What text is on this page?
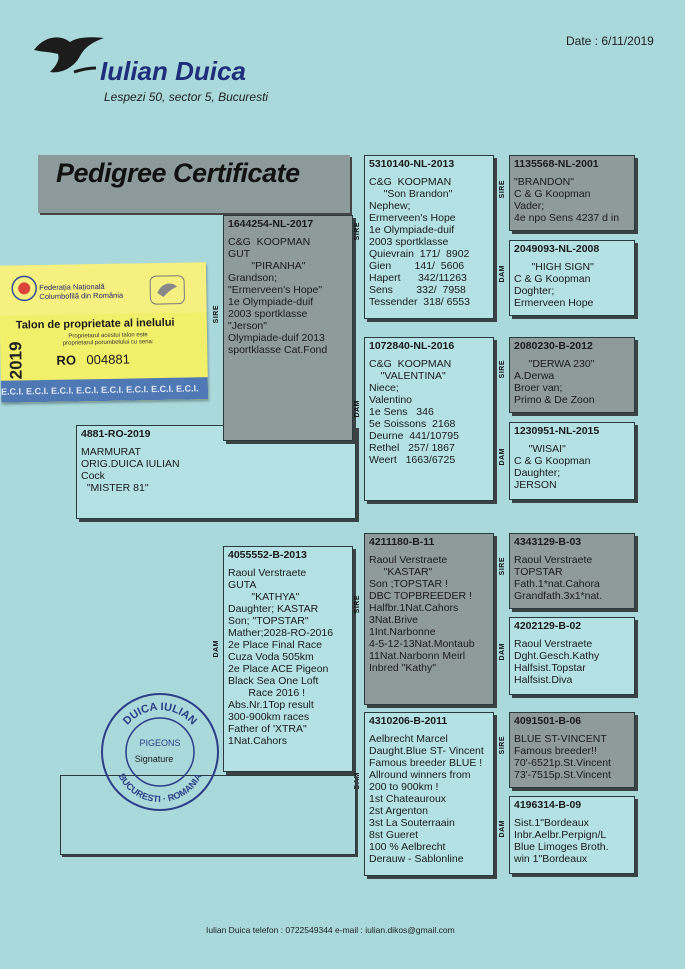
Iulian Duica
Lespezi 50, sector 5, Bucuresti
Date : 6/11/2019
Pedigree Certificate
4881-RO-2019
MARMURAT
ORIG.DUICA IULIAN
Cock
"MISTER 81"
1644254-NL-2017
C&G  KOOPMAN
GUT
"PIRANHA"
Grandson;
"Ermerveen's Hope"
1e Olympiade-duif
2003 sportklasse
"Jerson"
Olympiade-duif 2013
sportklasse Cat.Fond
SIRE
4055552-B-2013
Raoul Verstraete
GUTA
"KATHYA"
Daughter; KASTAR
Son; "TOPSTAR"
Mather;2028-RO-2016
2e Place Final Race
Cuza Voda 505km
2e Place ACE Pigeon
Black Sea One Loft
Race 2016 !
Abs.Nr.1Top result
300-900km races
Father of 'XTRA"
1Nat.Cahors
DAM
5310140-NL-2013
C&G  KOOPMAN
"Son Brandon"
Nephew;
Ermerveen's Hope
1e Olympiade-duif
2003 sportklasse
Quievrain  171/  8902
Gien        141/  5606
Hapert      342/11263
Sens        332/  7958
Tessender  318/ 6553
SIRE
1072840-NL-2016
C&G  KOOPMAN
"VALENTINA"
Niece;
Valentino
1e Sens   346
5e Soissons  2168
Deurne  441/10795
Rethel   257/ 1867
Weert   1663/6725
DAM
4211180-B-11
Raoul Verstraete
"KASTAR"
Son ;TOPSTAR !
DBC TOPBREEDER !
Halfbr.1Nat.Cahors
3Nat.Brive
1Int.Narbonne
4-5-12-13Nat.Montaub
11Nat.Narbonn Meirl
Inbred "Kathy"
SIRE
4310206-B-2011
Aelbrecht Marcel
Daught.Blue ST- Vincent
Famous breeder BLUE !
Allround winners from
200 to 900km !
1st Chateauroux
2st Argenton
3st La Souterraain
8st Gueret
100 % Aelbrecht
Derauw - Sablonline
DAM
1135568-NL-2001
"BRANDON"
C & G Koopman
Vader;
4e npo Sens 4237 d in
SIRE
2049093-NL-2008
"HIGH SIGN"
C & G Koopman
Doghter;
Ermerveen Hope
DAM
2080230-B-2012
"DERWA 230"
A.Derwa
Broer van;
Primo & De Zoon
SIRE
1230951-NL-2015
"WISAI"
C & G Koopman
Daughter;
JERSON
DAM
4343129-B-03
Raoul Verstraete
TOPSTAR
Fath.1*nat.Cahora
Grandfath.3x1*nat.
SIRE
4202129-B-02
Raoul Verstraete
Dght.Gesch.Kathy
Halfsist.Topstar
Halfsist.Diva
DAM
4091501-B-06
BLUE ST-VINCENT
Famous breeder!!
70'-6521p.St.Vincent
73'-7515p.St.Vincent
SIRE
4196314-B-09
Sist.1"Bordeaux
Inbr.Aelbr.Perpign/L
Blue Limoges Broth.
win 1"Bordeaux
DAM
Federația Națională
Columbofilă din România
Talon de proprietate al inelului
Proprietarul acestui talon este
proprietarul porumbelului cu seria:
2019 RO 004881
E.C.I. E.C.I. E.C.I. E.C.I. E.C.I. E.C.I. E.C.I. E.C.I.
DUICA IULIAN
BUCURESTI · ROMANIA
PIGEONS
Signature
Iulian Duica telefon : 0722549344 e-mail : iulian.dikos@gmail.com
